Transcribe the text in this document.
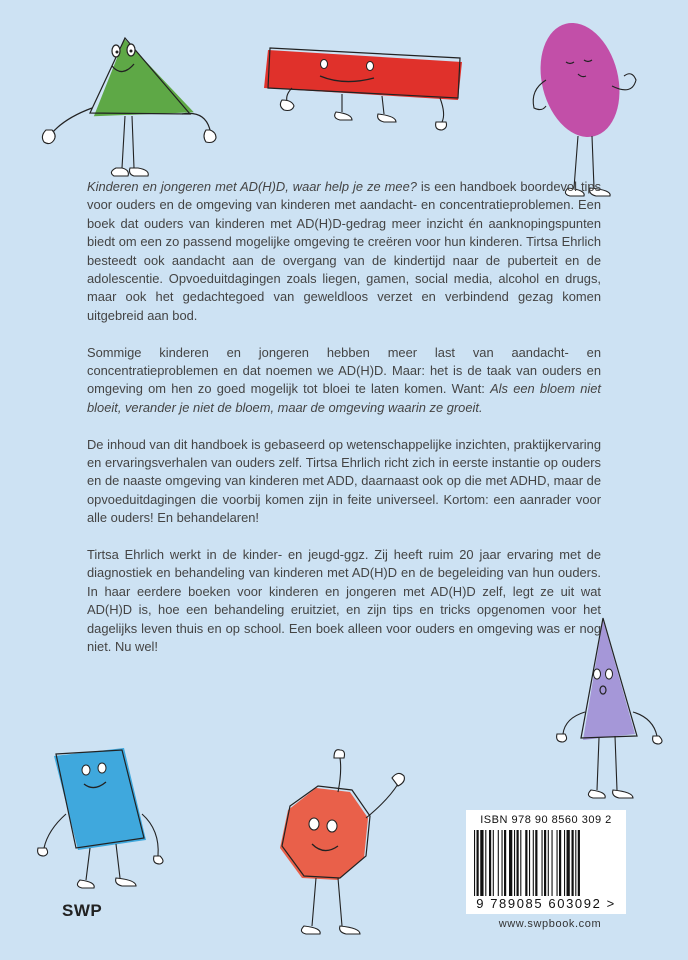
Kinderen en jongeren met AD(H)D, waar help je ze mee? is een handboek boordevol tips voor ouders en de omgeving van kinderen met aandacht- en concentratieproblemen. Een boek dat ouders van kinderen met AD(H)D-gedrag meer inzicht én aanknopingspunten biedt om een zo passend mogelijke omgeving te creëren voor hun kinderen. Tirtsa Ehrlich besteedt ook aandacht aan de overgang van de kindertijd naar de puberteit en de adolescentie. Opvoeduitdagingen zoals liegen, gamen, social media, alcohol en drugs, maar ook het gedachtegoed van geweldloos verzet en verbindend gezag komen uitgebreid aan bod.

Sommige kinderen en jongeren hebben meer last van aandacht- en concentratieproblemen en dat noemen we AD(H)D. Maar: het is de taak van ouders en omgeving om hen zo goed mogelijk tot bloei te laten komen. Want: Als een bloem niet bloeit, verander je niet de bloem, maar de omgeving waarin ze groeit.

De inhoud van dit handboek is gebaseerd op wetenschappelijke inzichten, praktijkervaring en ervaringsverhalen van ouders zelf. Tirtsa Ehrlich richt zich in eerste instantie op ouders en de naaste omgeving van kinderen met ADD, daarnaast ook op die met ADHD, maar de opvoeduitdagingen die voorbij komen zijn in feite universeel. Kortom: een aanrader voor alle ouders! En behandelaren!

Tirtsa Ehrlich werkt in de kinder- en jeugd-ggz. Zij heeft ruim 20 jaar ervaring met de diagnostiek en behandeling van kinderen met AD(H)D en de begeleiding van hun ouders. In haar eerdere boeken voor kinderen en jongeren met AD(H)D zelf, legt ze uit wat AD(H)D is, hoe een behandeling eruitziet, en zijn tips en tricks opgenomen voor het dagelijks leven thuis en op school. Een boek alleen voor ouders en omgeving was er nog niet. Nu wel!

ISBN 978 90 8560 309 2
9 789085 603092 >
www.swpbook.com
SWP
